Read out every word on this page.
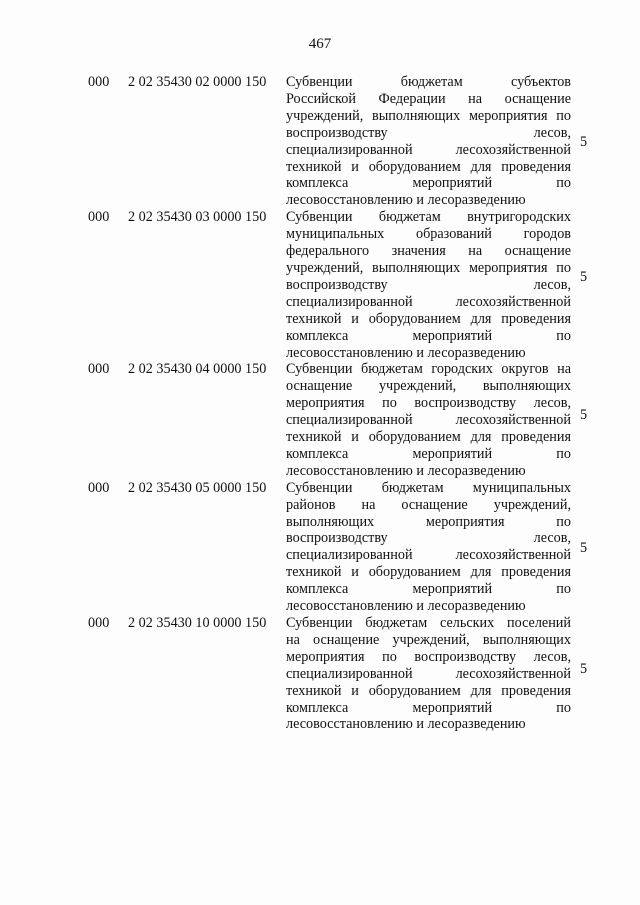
467
000	2 02 35430 02 0000 150	Субвенции бюджетам субъектов
Российской Федерации на оснащение
учреждений, выполняющих мероприятия по
воспроизводству лесов,
специализированной лесохозяйственной
техникой и оборудованием для проведения
комплекса мероприятий по
лесовосстановлению и лесоразведению
5
000	2 02 35430 03 0000 150	Субвенции бюджетам внутригородских
муниципальных образований городов
федерального значения на оснащение
учреждений, выполняющих мероприятия по
воспроизводству лесов,
специализированной лесохозяйственной
техникой и оборудованием для проведения
комплекса мероприятий по
лесовосстановлению и лесоразведению
5
000	2 02 35430 04 0000 150	Субвенции бюджетам городских округов на
оснащение учреждений, выполняющих
мероприятия по воспроизводству лесов,
специализированной лесохозяйственной
техникой и оборудованием для проведения
комплекса мероприятий по
лесовосстановлению и лесоразведению
5
000	2 02 35430 05 0000 150	Субвенции бюджетам муниципальных
районов на оснащение учреждений,
выполняющих мероприятия по
воспроизводству лесов,
специализированной лесохозяйственной
техникой и оборудованием для проведения
комплекса мероприятий по
лесовосстановлению и лесоразведению
5
000	2 02 35430 10 0000 150	Субвенции бюджетам сельских поселений
на оснащение учреждений, выполняющих
мероприятия по воспроизводству лесов,
специализированной лесохозяйственной
техникой и оборудованием для проведения
комплекса мероприятий по
лесовосстановлению и лесоразведению
5
